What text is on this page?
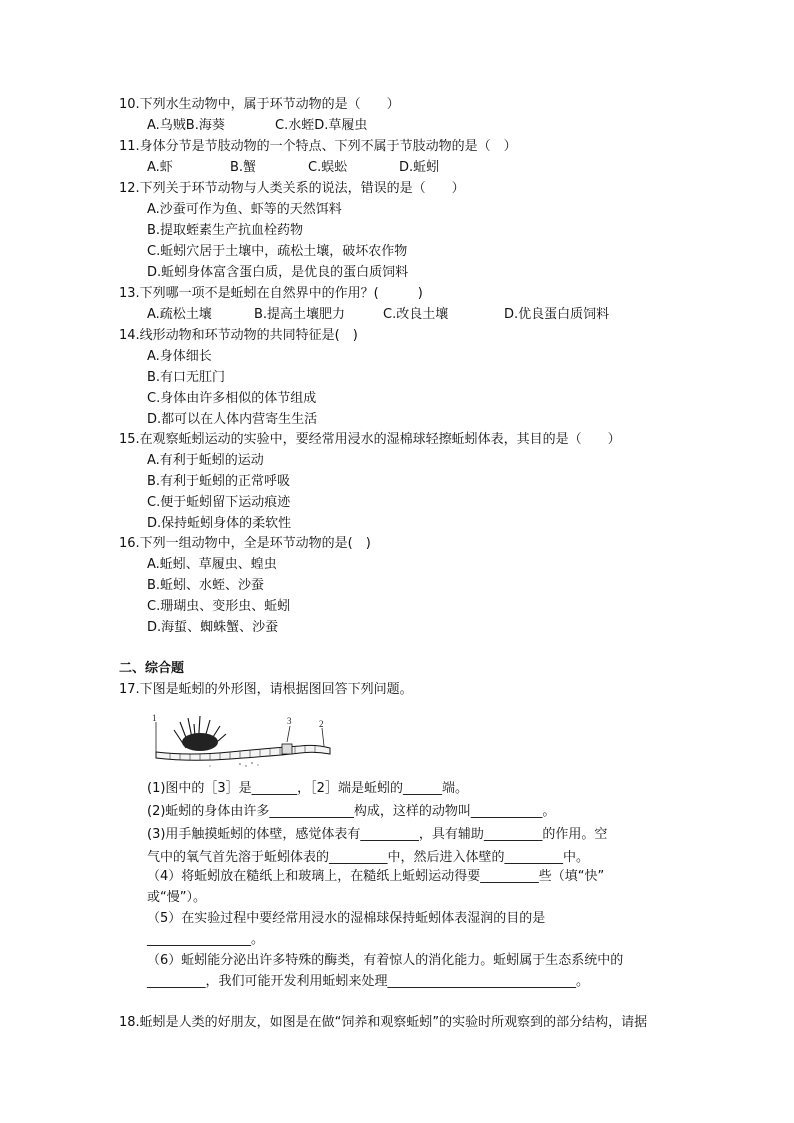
10.下列水生动物中，属于环节动物的是（　　）
A.乌贼B.海葵	C.水蛭D.草履虫
11.身体分节是节肢动物的一个特点、下列不属于节肢动物的是（　）
A.虾	B.蟹	C.蜈蚣	D.蚯蚓
12.下列关于环节动物与人类关系的说法，错误的是（　　）
A.沙蚕可作为鱼、虾等的天然饵料
B.提取蛭素生产抗血栓药物
C.蚯蚓穴居于土壤中，疏松土壤，破坏农作物
D.蚯蚓身体富含蛋白质，是优良的蛋白质饲料
13.下列哪一项不是蚯蚓在自然界中的作用？(　　　)
A.疏松土壤	B.提高土壤肥力	C.改良土壤	D.优良蛋白质饲料
14.线形动物和环节动物的共同特征是(　)
A.身体细长
B.有口无肛门
C.身体由许多相似的体节组成
D.都可以在人体内营寄生生活
15.在观察蚯蚓运动的实验中，要经常用浸水的湿棉球轻擦蚯蚓体表，其目的是（　　）
A.有利于蚯蚓的运动
B.有利于蚯蚓的正常呼吸
C.便于蚯蚓留下运动痕迹
D.保持蚯蚓身体的柔软性
16.下列一组动物中，全是环节动物的是(　)
A.蚯蚓、草履虫、蝗虫
B.蚯蚓、水蛭、沙蚕
C.珊瑚虫、变形虫、蚯蚓
D.海蜇、蜘蛛蟹、沙蚕
二、综合题
17.下图是蚯蚓的外形图，请根据图回答下列问题。
1	3	2
(1)图中的［3］是_______，［2］端是蚯蚓的______端。
(2)蚯蚓的身体由许多_____________构成，这样的动物叫___________。
(3)用手触摸蚯蚓的体壁，感觉体表有_________，具有辅助_________的作用。空
气中的氧气首先溶于蚯蚓体表的_________中，然后进入体壁的_________中。
（4）将蚯蚓放在糙纸上和玻璃上，在糙纸上蚯蚓运动得要_________些（填“快”
或“慢”）。
（5）在实验过程中要经常用浸水的湿棉球保持蚯蚓体表湿润的目的是
________________。
（6）蚯蚓能分泌出许多特殊的酶类，有着惊人的消化能力。蚯蚓属于生态系统中的
_________，我们可能开发利用蚯蚓来处理_____________________________。
18.蚯蚓是人类的好朋友，如图是在做“饲养和观察蚯蚓”的实验时所观察到的部分结构，请据
